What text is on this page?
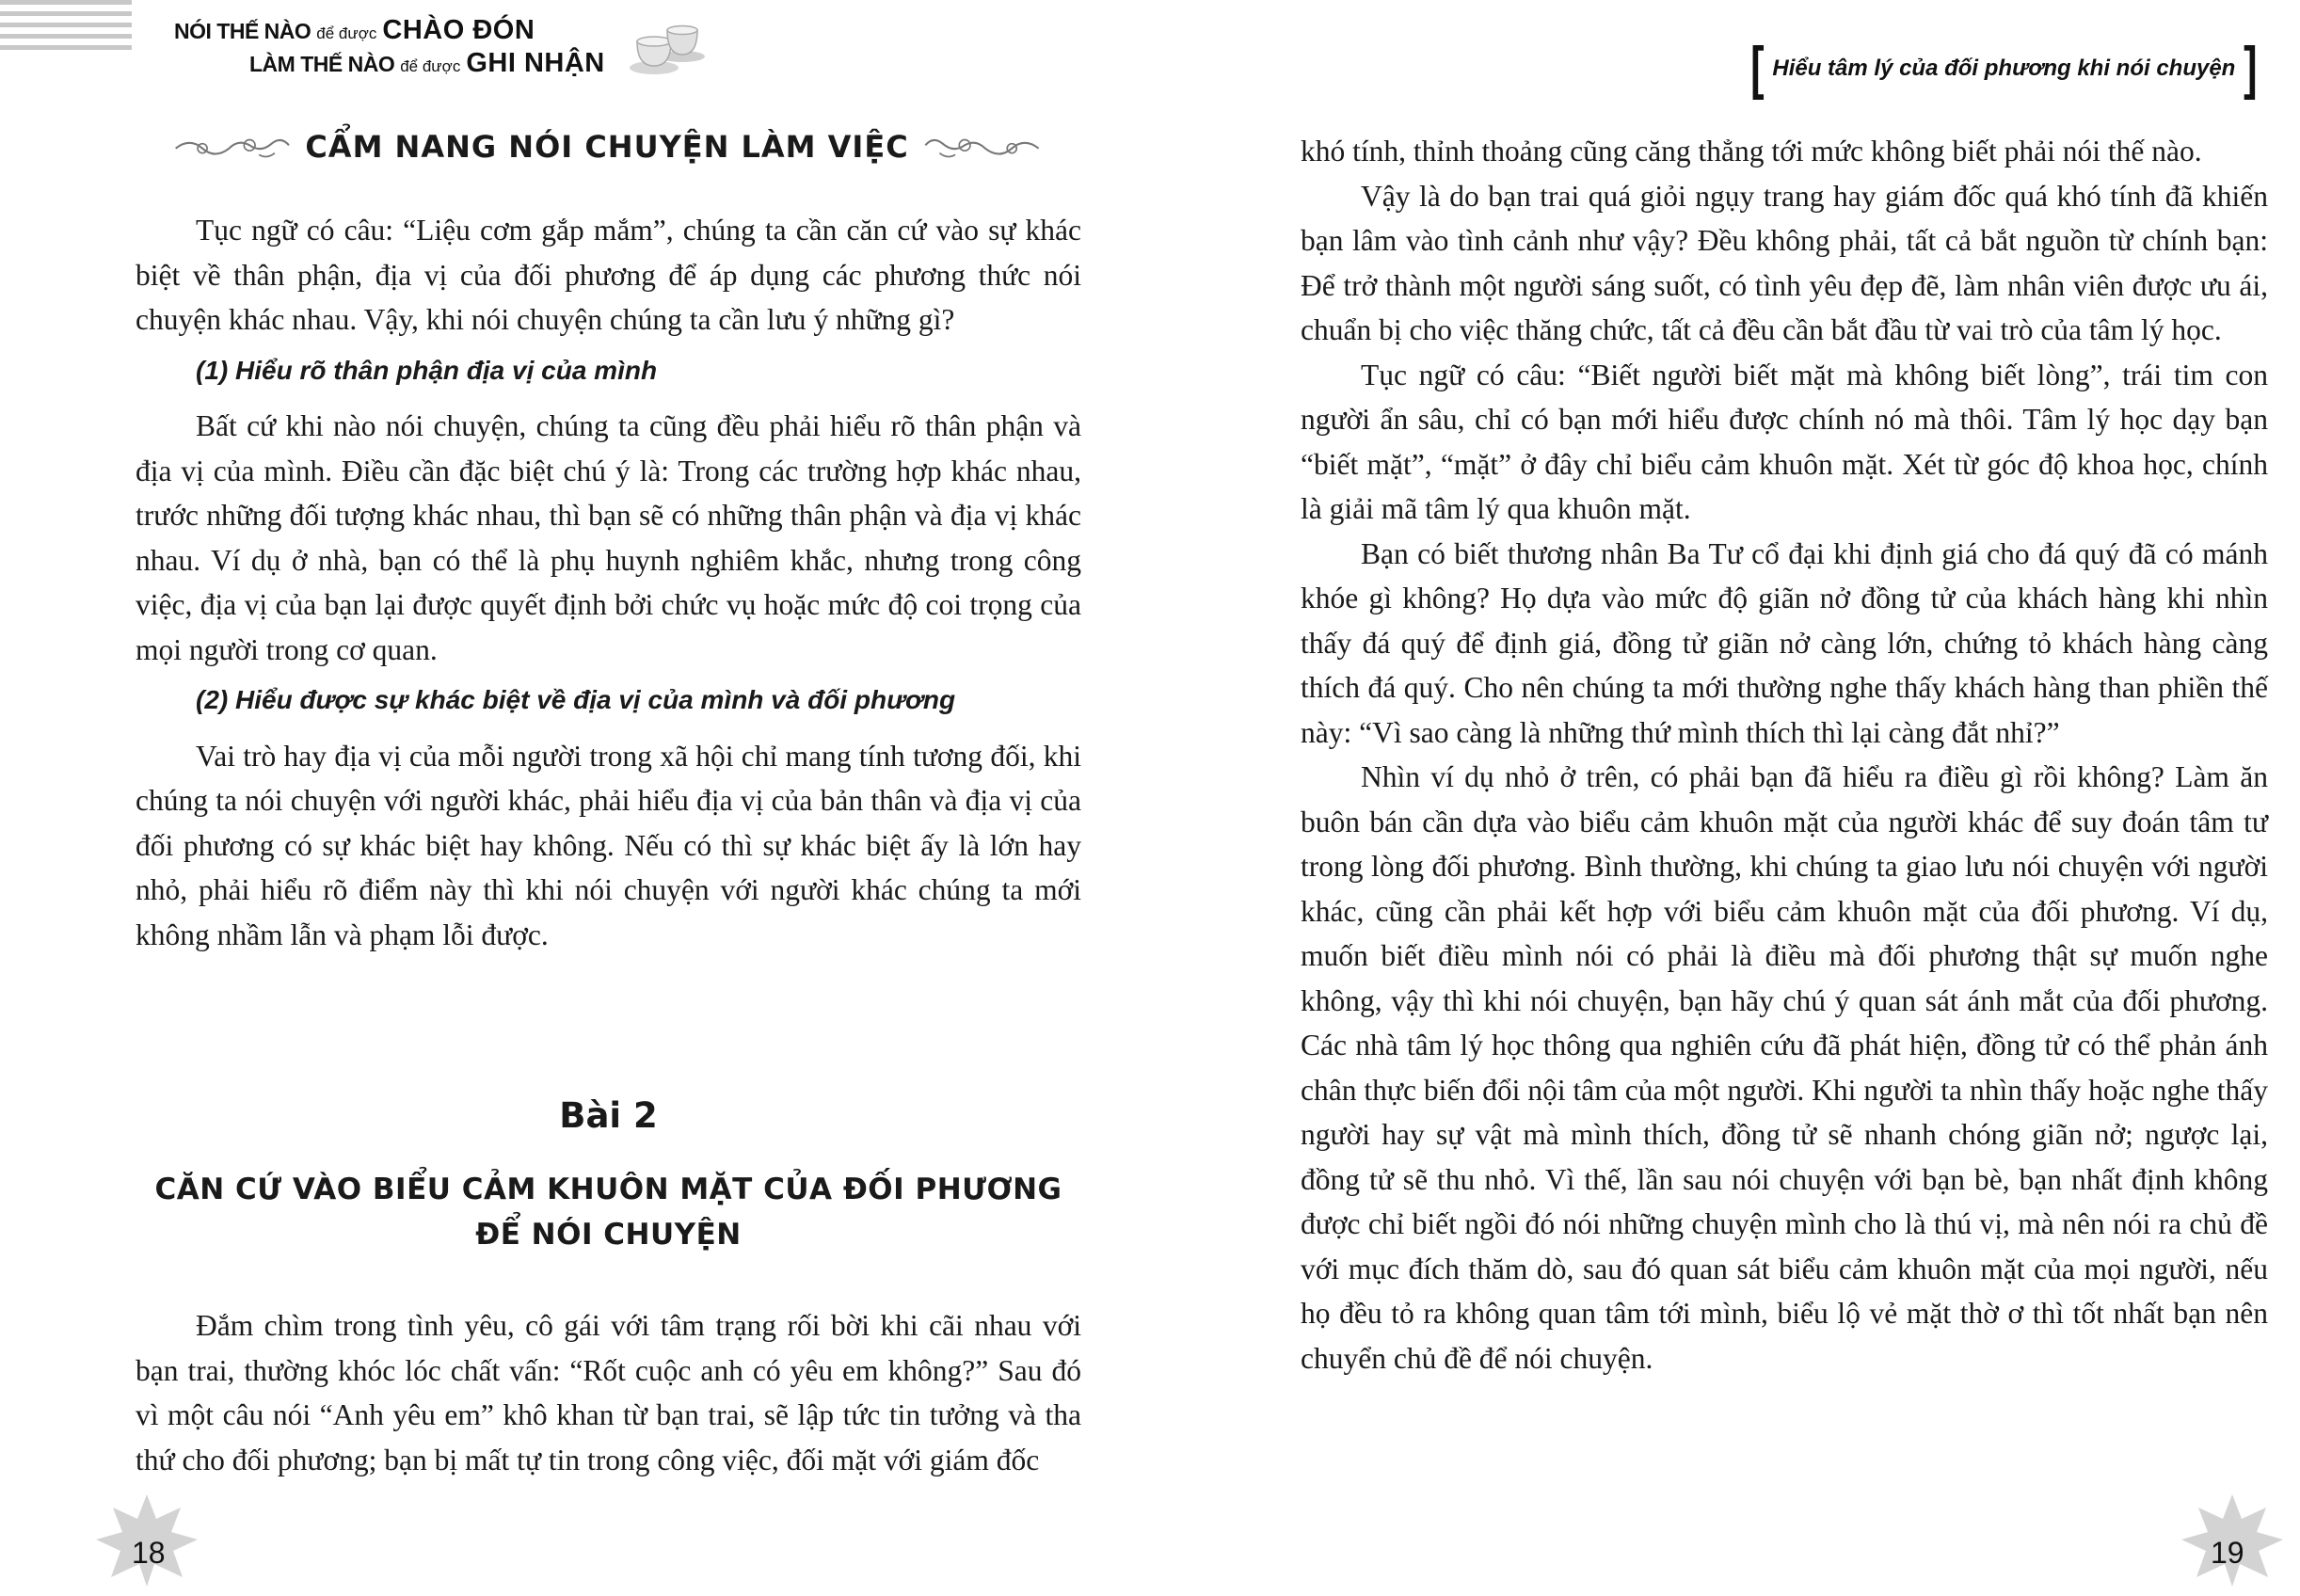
NÓI THẾ NÀO để được CHÀO ĐÓN
LÀM THẾ NÀO để được GHI NHẬN
CẨM NANG NÓI CHUYỆN LÀM VIỆC

Tục ngữ có câu: “Liệu cơm gắp mắm”, chúng ta cần căn cứ vào sự khác biệt về thân phận, địa vị của đối phương để áp dụng các phương thức nói chuyện khác nhau. Vậy, khi nói chuyện chúng ta cần lưu ý những gì?

(1) Hiểu rõ thân phận địa vị của mình

Bất cứ khi nào nói chuyện, chúng ta cũng đều phải hiểu rõ thân phận và địa vị của mình. Điều cần đặc biệt chú ý là: Trong các trường hợp khác nhau, trước những đối tượng khác nhau, thì bạn sẽ có những thân phận và địa vị khác nhau. Ví dụ ở nhà, bạn có thể là phụ huynh nghiêm khắc, nhưng trong công việc, địa vị của bạn lại được quyết định bởi chức vụ hoặc mức độ coi trọng của mọi người trong cơ quan.

(2) Hiểu được sự khác biệt về địa vị của mình và đối phương

Vai trò hay địa vị của mỗi người trong xã hội chỉ mang tính tương đối, khi chúng ta nói chuyện với người khác, phải hiểu địa vị của bản thân và địa vị của đối phương có sự khác biệt hay không. Nếu có thì sự khác biệt ấy là lớn hay nhỏ, phải hiểu rõ điểm này thì khi nói chuyện với người khác chúng ta mới không nhầm lẫn và phạm lỗi được.

Bài 2
CĂN CỨ VÀO BIỂU CẢM KHUÔN MẶT CỦA ĐỐI PHƯƠNG
ĐỂ NÓI CHUYỆN

Đắm chìm trong tình yêu, cô gái với tâm trạng rối bời khi cãi nhau với bạn trai, thường khóc lóc chất vấn: “Rốt cuộc anh có yêu em không?” Sau đó vì một câu nói “Anh yêu em” khô khan từ bạn trai, sẽ lập tức tin tưởng và tha thứ cho đối phương; bạn bị mất tự tin trong công việc, đối mặt với giám đốc

18
[ Hiểu tâm lý của đối phương khi nói chuyện ]

khó tính, thỉnh thoảng cũng căng thẳng tới mức không biết phải nói thế nào.

Vậy là do bạn trai quá giỏi ngụy trang hay giám đốc quá khó tính đã khiến bạn lâm vào tình cảnh như vậy? Đều không phải, tất cả bắt nguồn từ chính bạn: Để trở thành một người sáng suốt, có tình yêu đẹp đẽ, làm nhân viên được ưu ái, chuẩn bị cho việc thăng chức, tất cả đều cần bắt đầu từ vai trò của tâm lý học.

Tục ngữ có câu: “Biết người biết mặt mà không biết lòng”, trái tim con người ẩn sâu, chỉ có bạn mới hiểu được chính nó mà thôi. Tâm lý học dạy bạn “biết mặt”, “mặt” ở đây chỉ biểu cảm khuôn mặt. Xét từ góc độ khoa học, chính là giải mã tâm lý qua khuôn mặt.

Bạn có biết thương nhân Ba Tư cổ đại khi định giá cho đá quý đã có mánh khóe gì không? Họ dựa vào mức độ giãn nở đồng tử của khách hàng khi nhìn thấy đá quý để định giá, đồng tử giãn nở càng lớn, chứng tỏ khách hàng càng thích đá quý. Cho nên chúng ta mới thường nghe thấy khách hàng than phiền thế này: “Vì sao càng là những thứ mình thích thì lại càng đắt nhỉ?”

Nhìn ví dụ nhỏ ở trên, có phải bạn đã hiểu ra điều gì rồi không? Làm ăn buôn bán cần dựa vào biểu cảm khuôn mặt của người khác để suy đoán tâm tư trong lòng đối phương. Bình thường, khi chúng ta giao lưu nói chuyện với người khác, cũng cần phải kết hợp với biểu cảm khuôn mặt của đối phương. Ví dụ, muốn biết điều mình nói có phải là điều mà đối phương thật sự muốn nghe không, vậy thì khi nói chuyện, bạn hãy chú ý quan sát ánh mắt của đối phương. Các nhà tâm lý học thông qua nghiên cứu đã phát hiện, đồng tử có thể phản ánh chân thực biến đổi nội tâm của một người. Khi người ta nhìn thấy hoặc nghe thấy người hay sự vật mà mình thích, đồng tử sẽ nhanh chóng giãn nở; ngược lại, đồng tử sẽ thu nhỏ. Vì thế, lần sau nói chuyện với bạn bè, bạn nhất định không được chỉ biết ngồi đó nói những chuyện mình cho là thú vị, mà nên nói ra chủ đề với mục đích thăm dò, sau đó quan sát biểu cảm khuôn mặt của mọi người, nếu họ đều tỏ ra không quan tâm tới mình, biểu lộ vẻ mặt thờ ơ thì tốt nhất bạn nên chuyển chủ đề để nói chuyện.

19
